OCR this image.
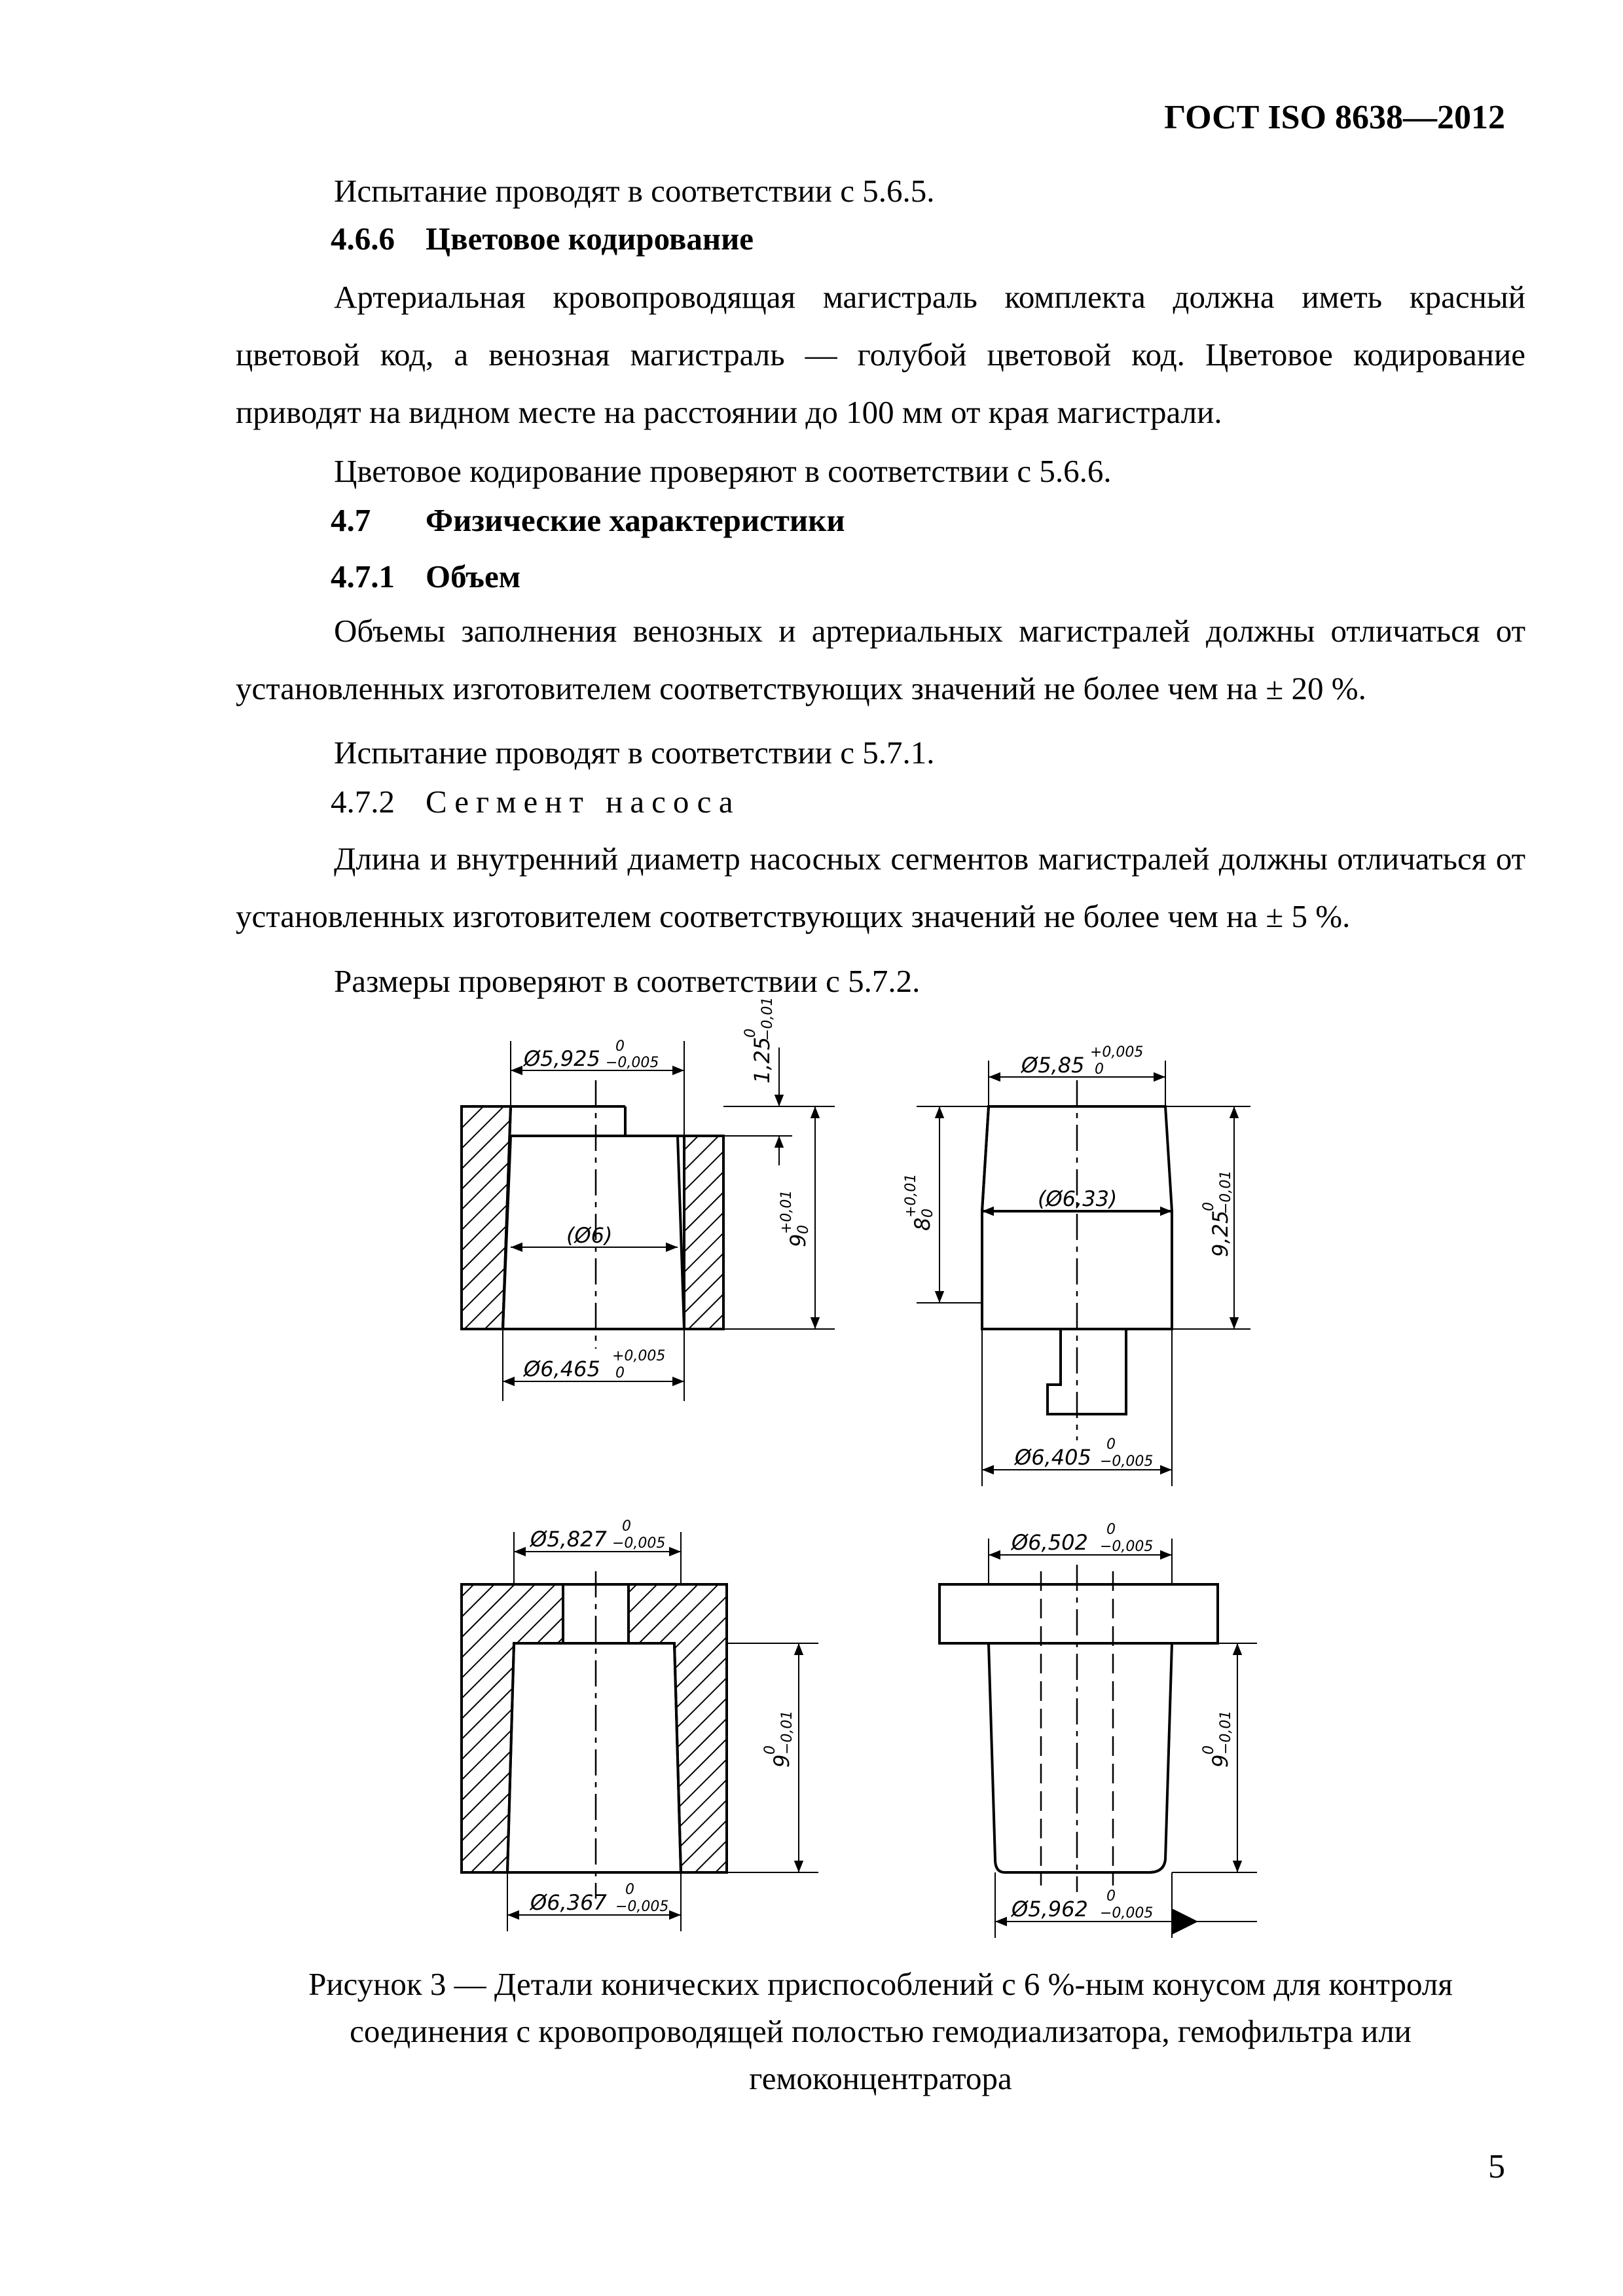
ГОСТ ISO 8638—2012

Испытание проводят в соответствии с 5.6.5.

4.6.6 Цветовое кодирование

Артериальная кровопроводящая магистраль комплекта должна иметь красный цветовой код, а венозная магистраль — голубой цветовой код. Цветовое кодирование приводят на видном месте на расстоянии до 100 мм от края магистрали.

Цветовое кодирование проверяют в соответствии с 5.6.6.

4.7 Физические характеристики

4.7.1 Объем

Объемы заполнения венозных и артериальных магистралей должны отличаться от установленных изготовителем соответствующих значений не более чем на ± 20 %.

Испытание проводят в соответствии с 5.7.1.

4.7.2 Сегмент насоса

Длина и внутренний диаметр насосных сегментов магистралей должны отличаться от установленных изготовителем соответствующих значений не более чем на ± 5 %.

Размеры проверяют в соответствии с 5.7.2.

Ø5,925 0
−0,005	1,25
0 −0,01
(Ø6)	9
+0,01 0
Ø6,465
+0,005
0
Ø5,85
+0,005
0
(Ø6,33)
8
+0,01 0	9,25
0 −0,01
Ø6,405
0
−0,005
Ø5,827
0
−0,005
9
0 −0,01
Ø6,367
0
−0,005
Ø6,502
0
−0,005
9
0 −0,01
Ø5,962
0
−0,005

Рисунок 3 — Детали конических приспособлений с 6 %-ным конусом для контроля соединения с кровопроводящей полостью гемодиализатора, гемофильтра или гемоконцентратора

5
